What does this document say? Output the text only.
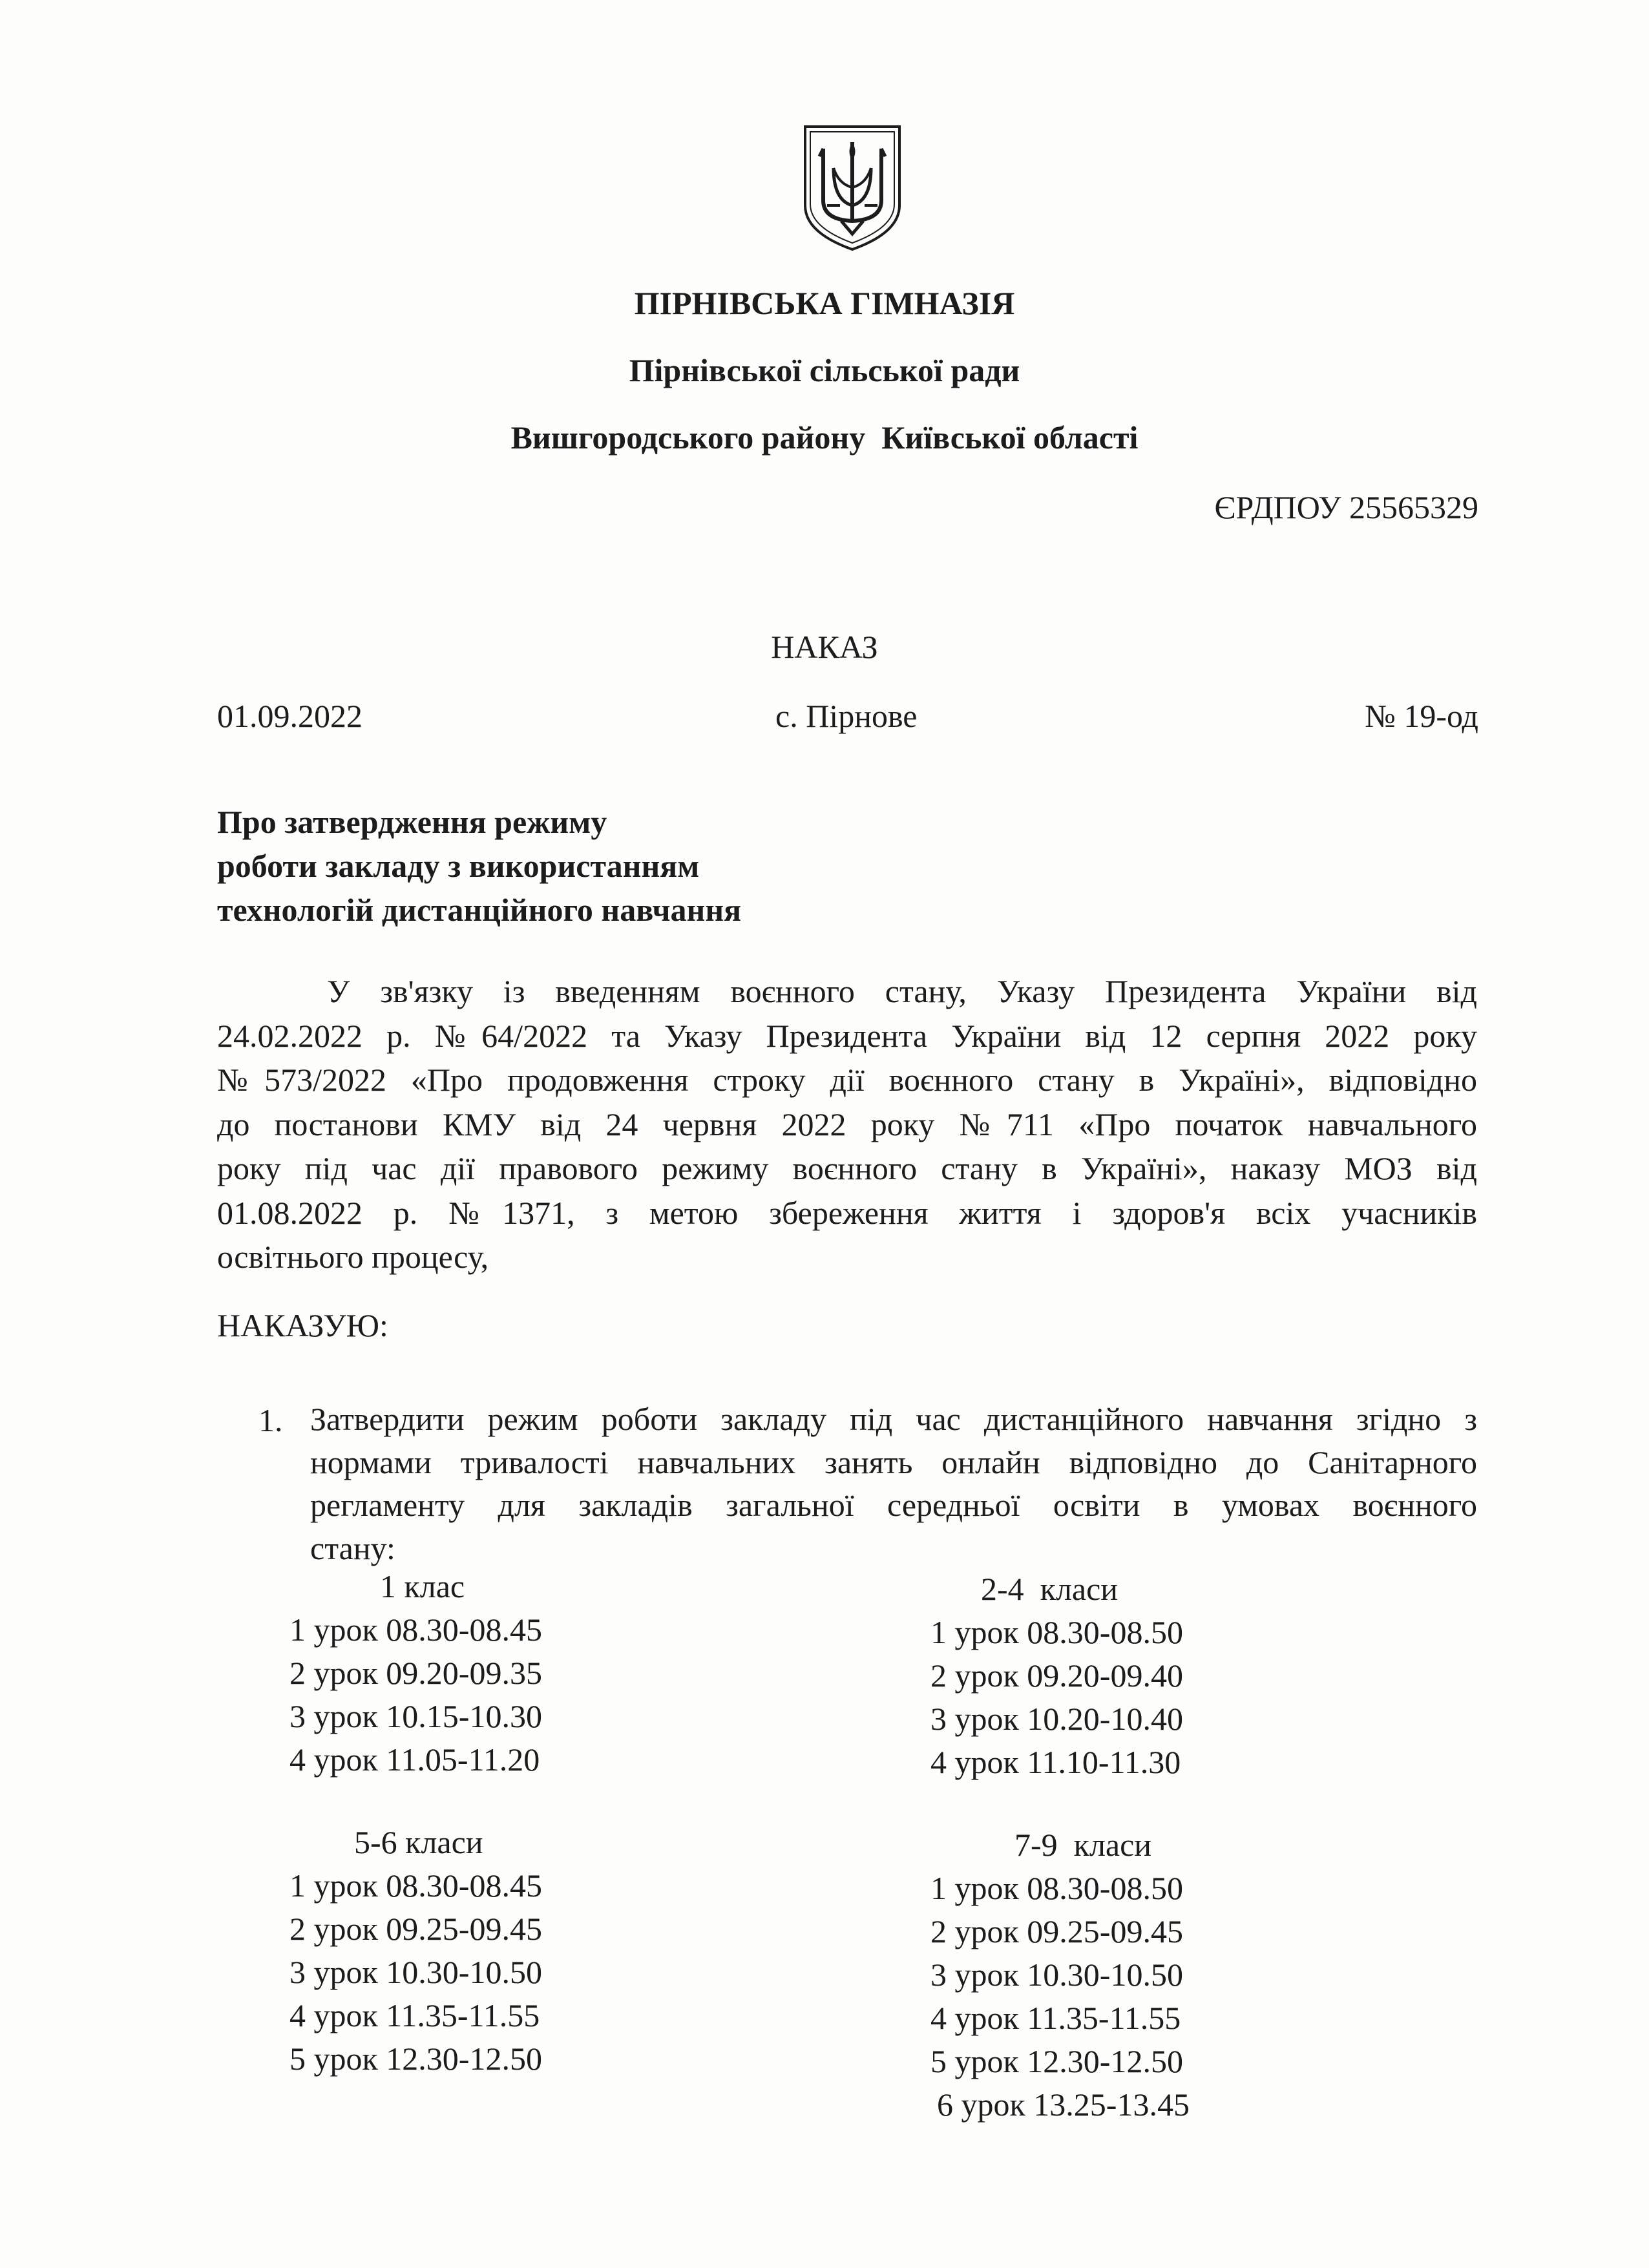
ПІРНІВСЬКА ГІМНАЗІЯ
Пірнівської сільської ради
Вишгородського району  Київської області
ЄРДПОУ 25565329
НАКАЗ
01.09.2022	с. Пірнове	№ 19-од
Про затвердження режиму
роботи закладу з використанням
технологій дистанційного навчання
У зв'язку із введенням воєнного стану, Указу Президента України від
24.02.2022 р. №64/2022 та Указу Президента України від 12 серпня 2022 року
№573/2022 «Про продовження строку дії воєнного стану в Україні», відповідно
до постанови КМУ від 24 червня 2022 року №711 «Про початок навчального
року під час дії правового режиму воєнного стану в Україні», наказу МОЗ від
01.08.2022 р. №1371, з метою збереження життя і здоров'я всіх учасників
освітнього процесу,
НАКАЗУЮ:
1. Затвердити режим роботи закладу під час дистанційного навчання згідно з
нормами тривалості навчальних занять онлайн відповідно до Санітарного
регламенту для закладів загальної середньої освіти в умовах воєнного
стану:
1 клас
1 урок 08.30-08.45
2 урок 09.20-09.35
3 урок 10.15-10.30
4 урок 11.05-11.20
2-4  класи
1 урок 08.30-08.50
2 урок 09.20-09.40
3 урок 10.20-10.40
4 урок 11.10-11.30
5-6 класи
1 урок 08.30-08.45
2 урок 09.25-09.45
3 урок 10.30-10.50
4 урок 11.35-11.55
5 урок 12.30-12.50
7-9  класи
1 урок 08.30-08.50
2 урок 09.25-09.45
3 урок 10.30-10.50
4 урок 11.35-11.55
5 урок 12.30-12.50
6 урок 13.25-13.45
